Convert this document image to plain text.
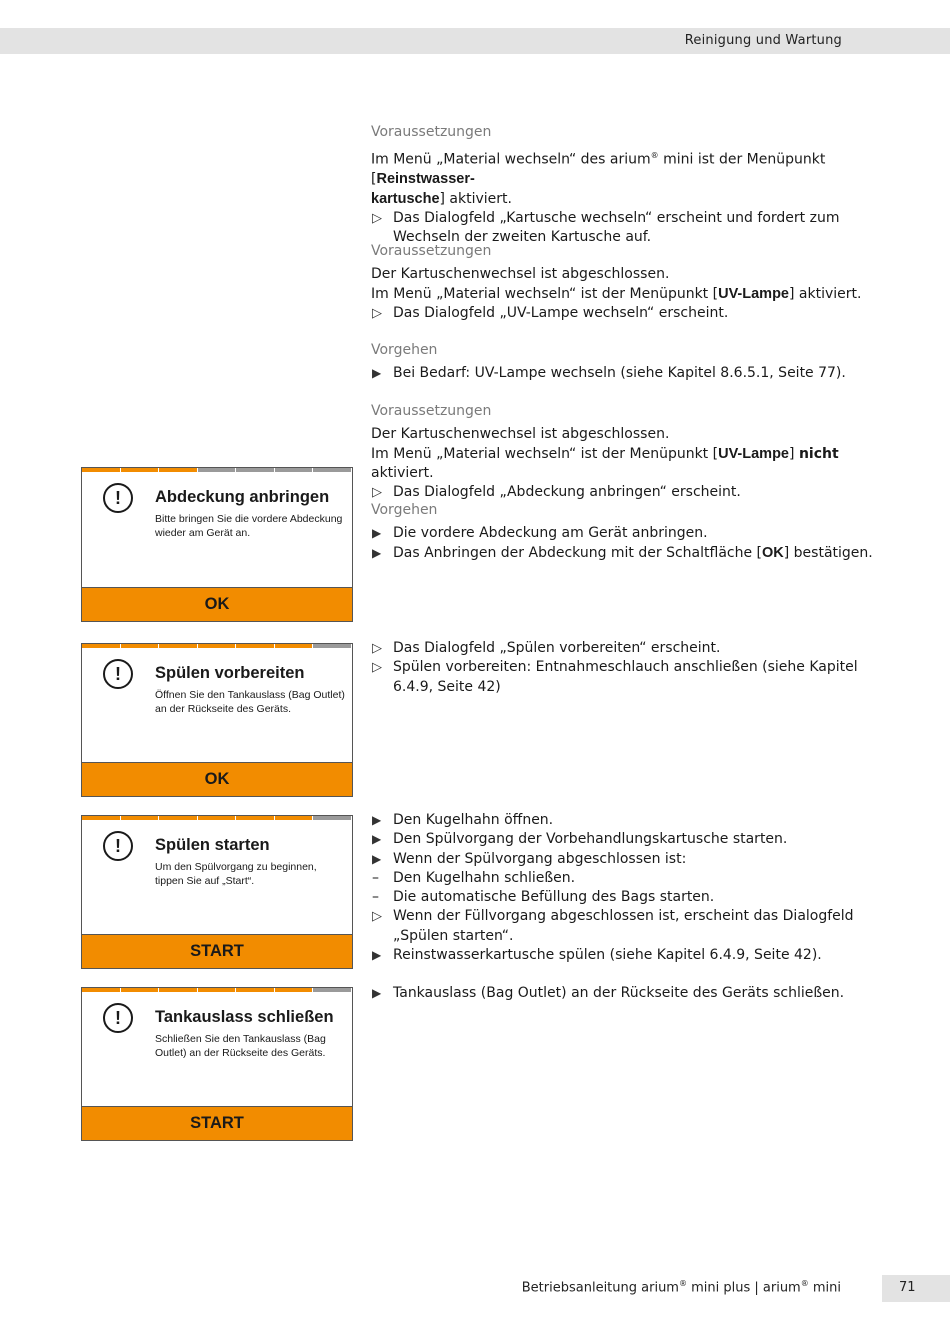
Reinigung und Wartung
Voraussetzungen
Im Menü „Material wechseln“ des arium® mini ist der Menüpunkt [Reinstwasser-
kartusche] aktiviert.
▷ Das Dialogfeld „Kartusche wechseln“ erscheint und fordert zum Wechseln der zweiten Kartusche auf.
Voraussetzungen
Der Kartuschenwechsel ist abgeschlossen.
Im Menü „Material wechseln“ ist der Menüpunkt [UV-Lampe] aktiviert.
▷ Das Dialogfeld „UV-Lampe wechseln“ erscheint.
Vorgehen
▶ Bei Bedarf: UV-Lampe wechseln (siehe Kapitel 8.6.5.1, Seite 77).
Voraussetzungen
Der Kartuschenwechsel ist abgeschlossen.
Im Menü „Material wechseln“ ist der Menüpunkt [UV-Lampe] nicht aktiviert.
▷ Das Dialogfeld „Abdeckung anbringen“ erscheint.
Vorgehen
▶ Die vordere Abdeckung am Gerät anbringen.
▶ Das Anbringen der Abdeckung mit der Schaltfläche [OK] bestätigen.
▷ Das Dialogfeld „Spülen vorbereiten“ erscheint.
▷ Spülen vorbereiten: Entnahmeschlauch anschließen (siehe Kapitel 6.4.9, Seite 42)
▶ Den Kugelhahn öffnen.
▶ Den Spülvorgang der Vorbehandlungskartusche starten.
▶ Wenn der Spülvorgang abgeschlossen ist:
–	Den Kugelhahn schließen.
–	Die automatische Befüllung des Bags starten.
▷ Wenn der Füllvorgang abgeschlossen ist, erscheint das Dialogfeld „Spülen starten“.
▶ Reinstwasserkartusche spülen (siehe Kapitel 6.4.9, Seite 42).
▶ Tankauslass (Bag Outlet) an der Rückseite des Geräts schließen.
!	Abdeckung anbringen
Bitte bringen Sie die vordere Abdeckung wieder am Gerät an.
OK
!	Spülen vorbereiten
Öffnen Sie den Tankauslass (Bag Outlet) an der Rückseite des Geräts.
OK
!	Spülen starten
Um den Spülvorgang zu beginnen, tippen Sie auf „Start“.
START
!	Tankauslass schließen
Schließen Sie den Tankauslass (Bag Outlet) an der Rückseite des Geräts.
START
Betriebsanleitung arium® mini plus | arium® mini	71
